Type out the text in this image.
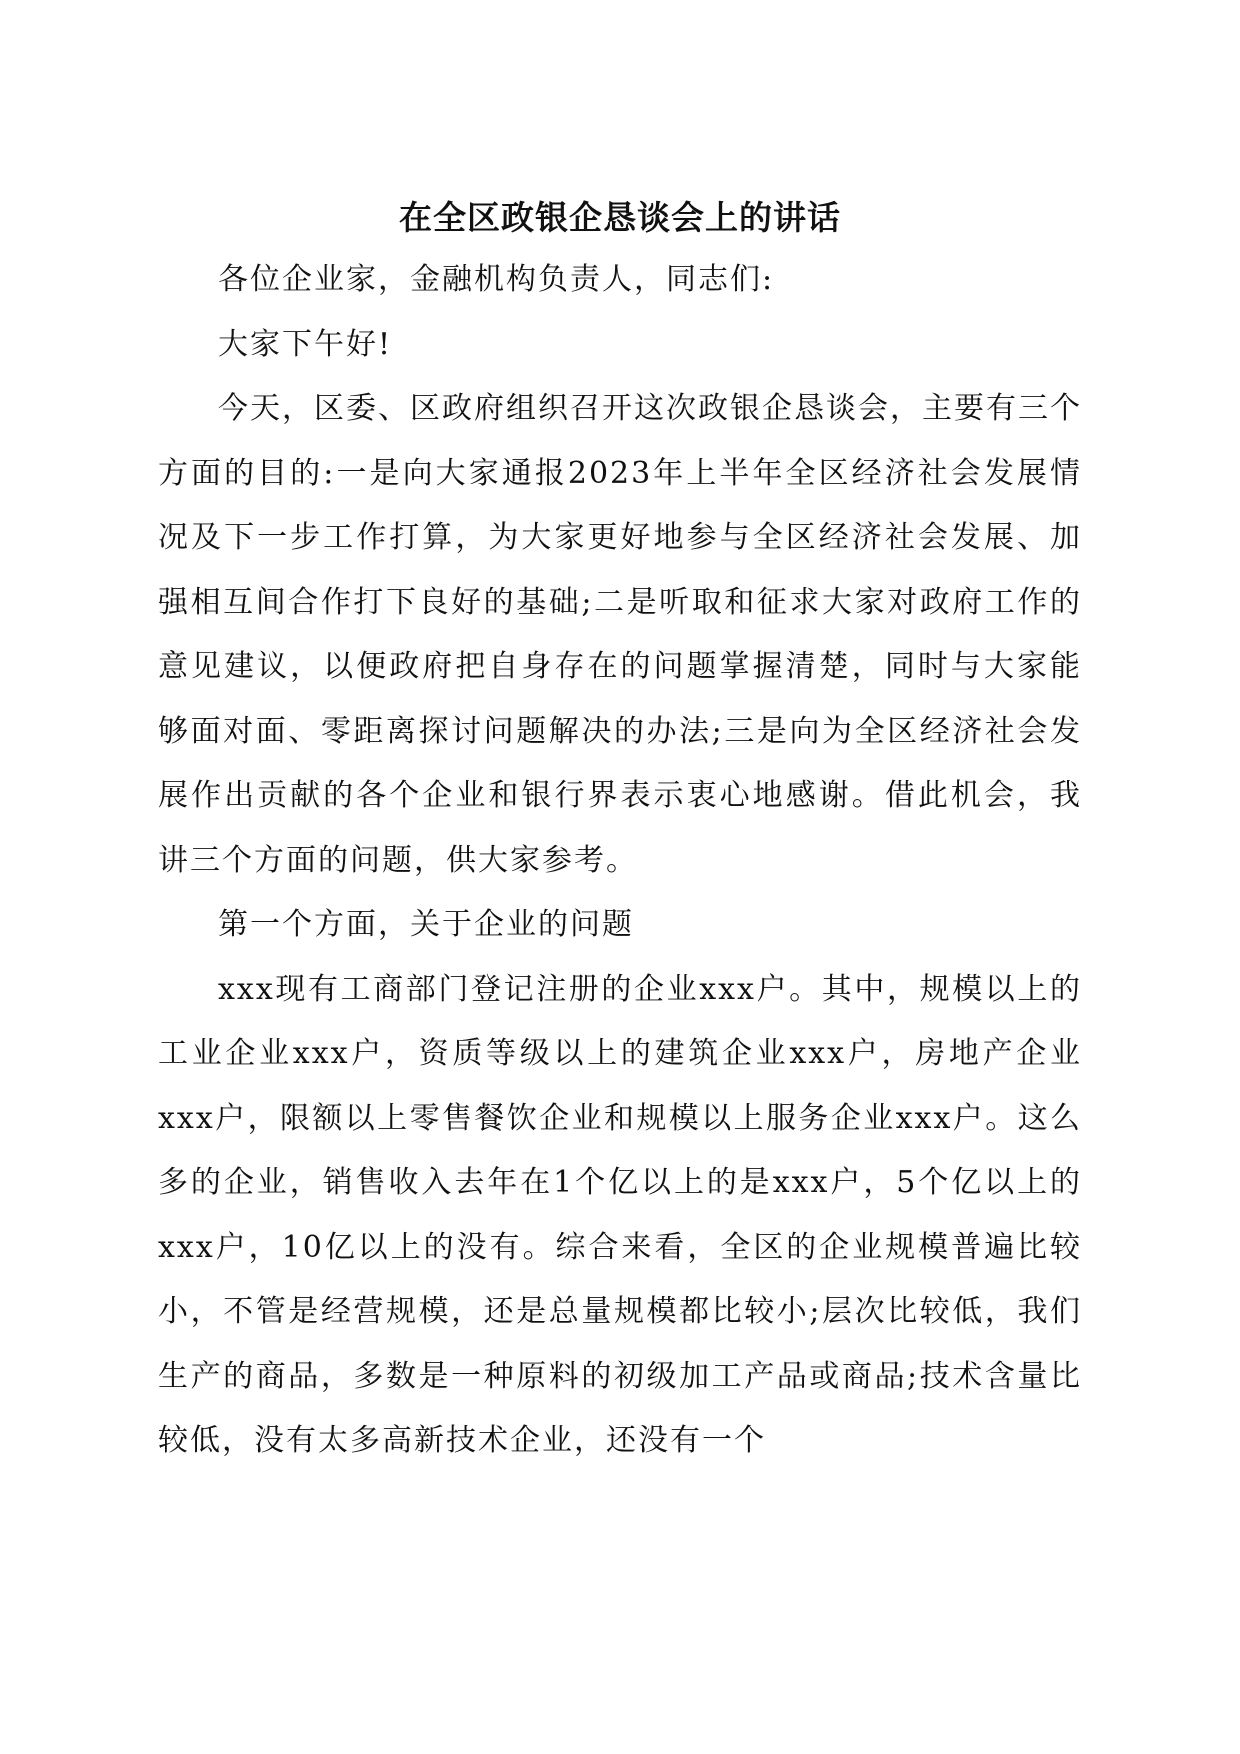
在全区政银企恳谈会上的讲话

各位企业家，金融机构负责人，同志们:

大家下午好!

今天，区委、区政府组织召开这次政银企恳谈会，主要有三个方面的目的:一是向大家通报2023年上半年全区经济社会发展情况及下一步工作打算，为大家更好地参与全区经济社会发展、加强相互间合作打下良好的基础;二是听取和征求大家对政府工作的意见建议，以便政府把自身存在的问题掌握清楚，同时与大家能够面对面、零距离探讨问题解决的办法;三是向为全区经济社会发展作出贡献的各个企业和银行界表示衷心地感谢。借此机会，我讲三个方面的问题，供大家参考。

第一个方面，关于企业的问题

xxx现有工商部门登记注册的企业xxx户。其中，规模以上的工业企业xxx户，资质等级以上的建筑企业xxx户，房地产企业xxx户，限额以上零售餐饮企业和规模以上服务企业xxx户。这么多的企业，销售收入去年在1个亿以上的是xxx户，5个亿以上的xxx户，10亿以上的没有。综合来看，全区的企业规模普遍比较小，不管是经营规模，还是总量规模都比较小;层次比较低，我们生产的商品，多数是一种原料的初级加工产品或商品;技术含量比较低，没有太多高新技术企业，还没有一个
